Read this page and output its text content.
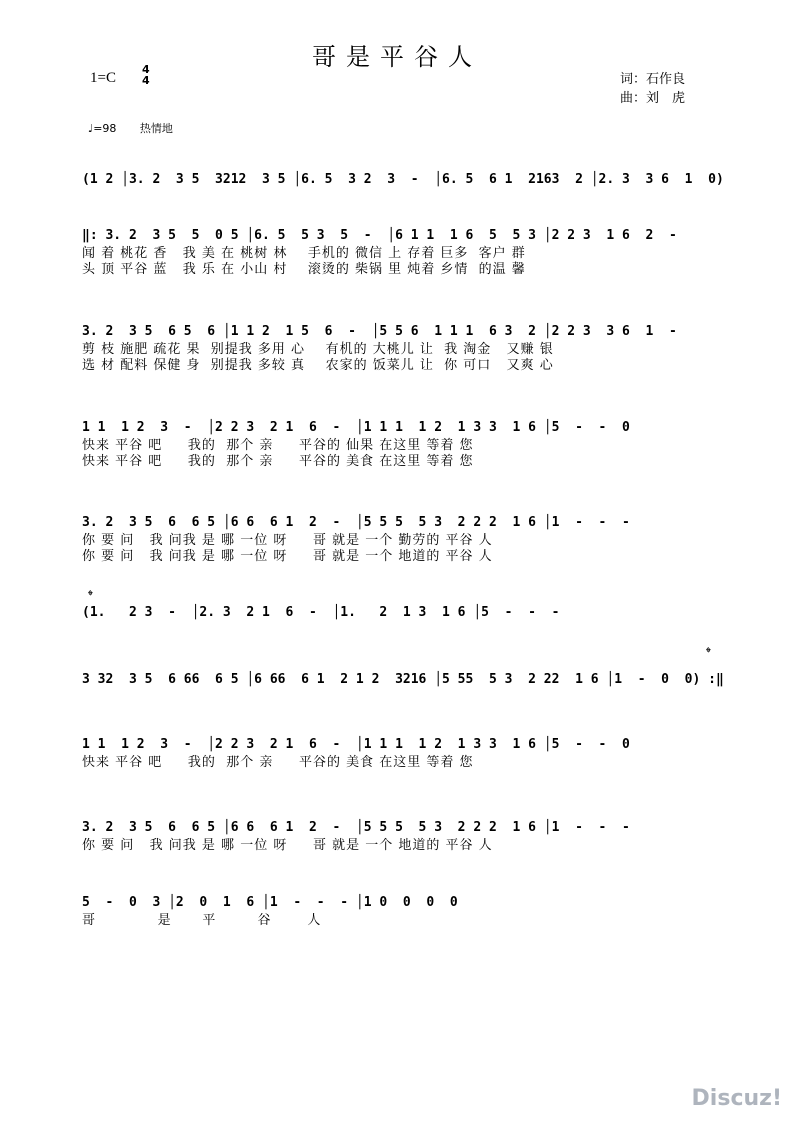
哥是平谷人
1=C
4
4	词：石作良
曲：刘　虎
♩=98 热情地
(1 2 │3. 2  3 5  3212  3 5 │6. 5  3 2  3  -  │6. 5  6 1  2163  2 │2. 3  3 6  1  0)
‖: 3. 2  3 5  5  0 5 │6. 5  5 3  5  -  │6 1 1  1 6  5  5 3 │2 2 3  1 6  2  -
闻 着 桃花 香   我 美 在 桃树 林    手机的 微信 上 存着 巨多  客户 群
头 顶 平谷 蓝   我 乐 在 小山 村    滚烫的 柴锅 里 炖着 乡情  的温 馨
3. 2  3 5  6 5  6 │1 1 2  1 5  6  -  │5 5 6  1 1 1  6 3  2 │2 2 3  3 6  1  -
剪 枝 施肥 疏花 果  别提我 多用 心    有机的 大桃儿 让  我 淘金   又赚 银
选 材 配料 保健 身  别提我 多较 真    农家的 饭菜儿 让  你 可口   又爽 心
1 1  1 2  3  -  │2 2 3  2 1  6  -  │1 1 1  1 2  1 3 3  1 6 │5  -  -  0
快来 平谷 吧     我的  那个 亲     平谷的 仙果 在这里 等着 您
快来 平谷 吧     我的  那个 亲     平谷的 美食 在这里 等着 您
3. 2  3 5  6  6 5 │6 6  6 1  2  -  │5 5 5  5 3  2 2 2  1 6 │1  -  -  -
你 要 问   我 问我 是 哪 一位 呀     哥 就是 一个 勤劳的 平谷 人
你 要 问   我 问我 是 哪 一位 呀     哥 就是 一个 地道的 平谷 人
𝄌
(1.   2 3  -  │2. 3  2 1  6  -  │1.   2  1 3  1 6 │5  -  -  -
𝄌
3 32  3 5  6 66  6 5 │6 66  6 1  2 1 2  3216 │5 55  5 3  2 22  1 6 │1  -  0  0) :‖
1 1  1 2  3  -  │2 2 3  2 1  6  -  │1 1 1  1 2  1 3 3  1 6 │5  -  -  0
快来 平谷 吧     我的  那个 亲     平谷的 美食 在这里 等着 您
3. 2  3 5  6  6 5 │6 6  6 1  2  -  │5 5 5  5 3  2 2 2  1 6 │1  -  -  -
你 要 问   我 问我 是 哪 一位 呀     哥 就是 一个 地道的 平谷 人
5  -  0  3 │2  0  1  6 │1  -  -  - │1 0  0  0  0
哥            是      平        谷       人
Discuz!
